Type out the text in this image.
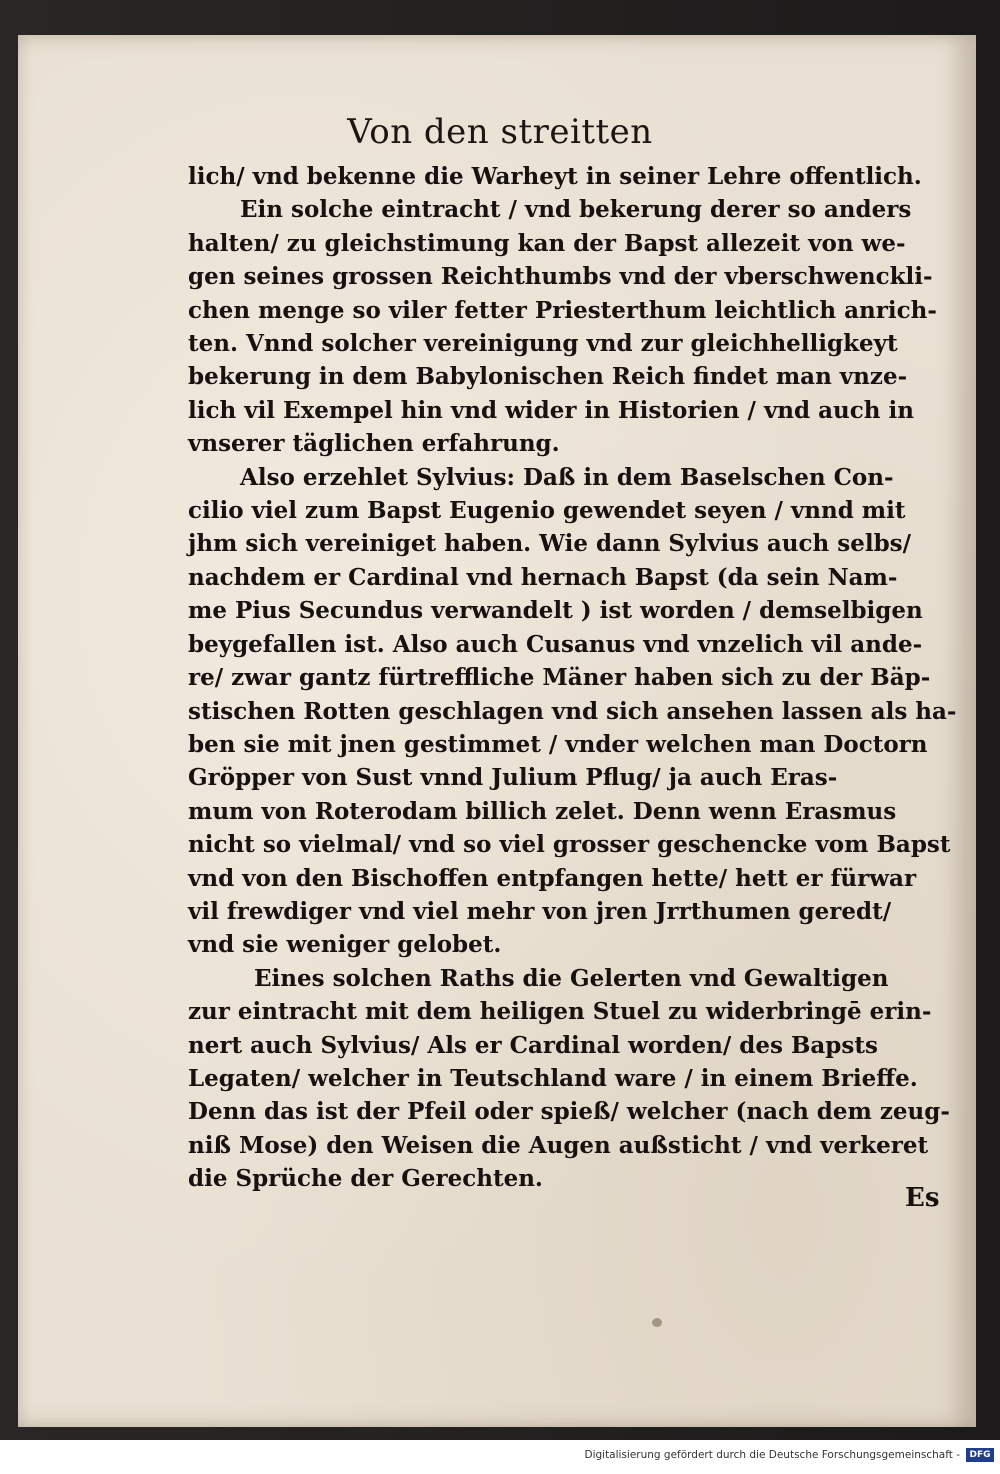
Von den streitten
lich/ vnd bekenne die Warheyt in seiner Lehre offentlich.
Ein solche eintracht / vnd bekerung derer so anders
halten/ zu gleichstimung kan der Bapst allezeit von we-
gen seines grossen Reichthumbs vnd der vberschwenckli-
chen menge so viler fetter Priesterthum leichtlich anrich-
ten. Vnnd solcher vereinigung vnd zur gleichhelligkeyt
bekerung in dem Babylonischen Reich findet man vnze-
lich vil Exempel hin vnd wider in Historien / vnd auch in
vnserer täglichen erfahrung.
Also erzehlet Sylvius: Daß in dem Baselschen Con-
cilio viel zum Bapst Eugenio gewendet seyen / vnnd mit
jhm sich vereiniget haben. Wie dann Sylvius auch selbs/
nachdem er Cardinal vnd hernach Bapst (da sein Nam-
me Pius Secundus verwandelt ) ist worden / demselbigen
beygefallen ist. Also auch Cusanus vnd vnzelich vil ande-
re/ zwar gantz fürtreffliche Mäner haben sich zu der Bäp-
stischen Rotten geschlagen vnd sich ansehen lassen als ha-
ben sie mit jnen gestimmet / vnder welchen man Doctorn
Gröpper von Sust vnnd Julium Pflug/ ja auch Eras-
mum von Roterodam billich zelet. Denn wenn Erasmus
nicht so vielmal/ vnd so viel grosser geschencke vom Bapst
vnd von den Bischoffen entpfangen hette/ hett er fürwar
vil frewdiger vnd viel mehr von jren Jrrthumen geredt/
vnd sie weniger gelobet.
Eines solchen Raths die Gelerten vnd Gewaltigen
zur eintracht mit dem heiligen Stuel zu widerbringē erin-
nert auch Sylvius/ Als er Cardinal worden/ des Bapsts
Legaten/ welcher in Teutschland ware / in einem Brieffe.
Denn das ist der Pfeil oder spieß/ welcher (nach dem zeug-
niß Mose) den Weisen die Augen außsticht / vnd verkeret
die Sprüche der Gerechten.
Es
Digitalisierung gefördert durch die Deutsche Forschungsgemeinschaft -	DFG
